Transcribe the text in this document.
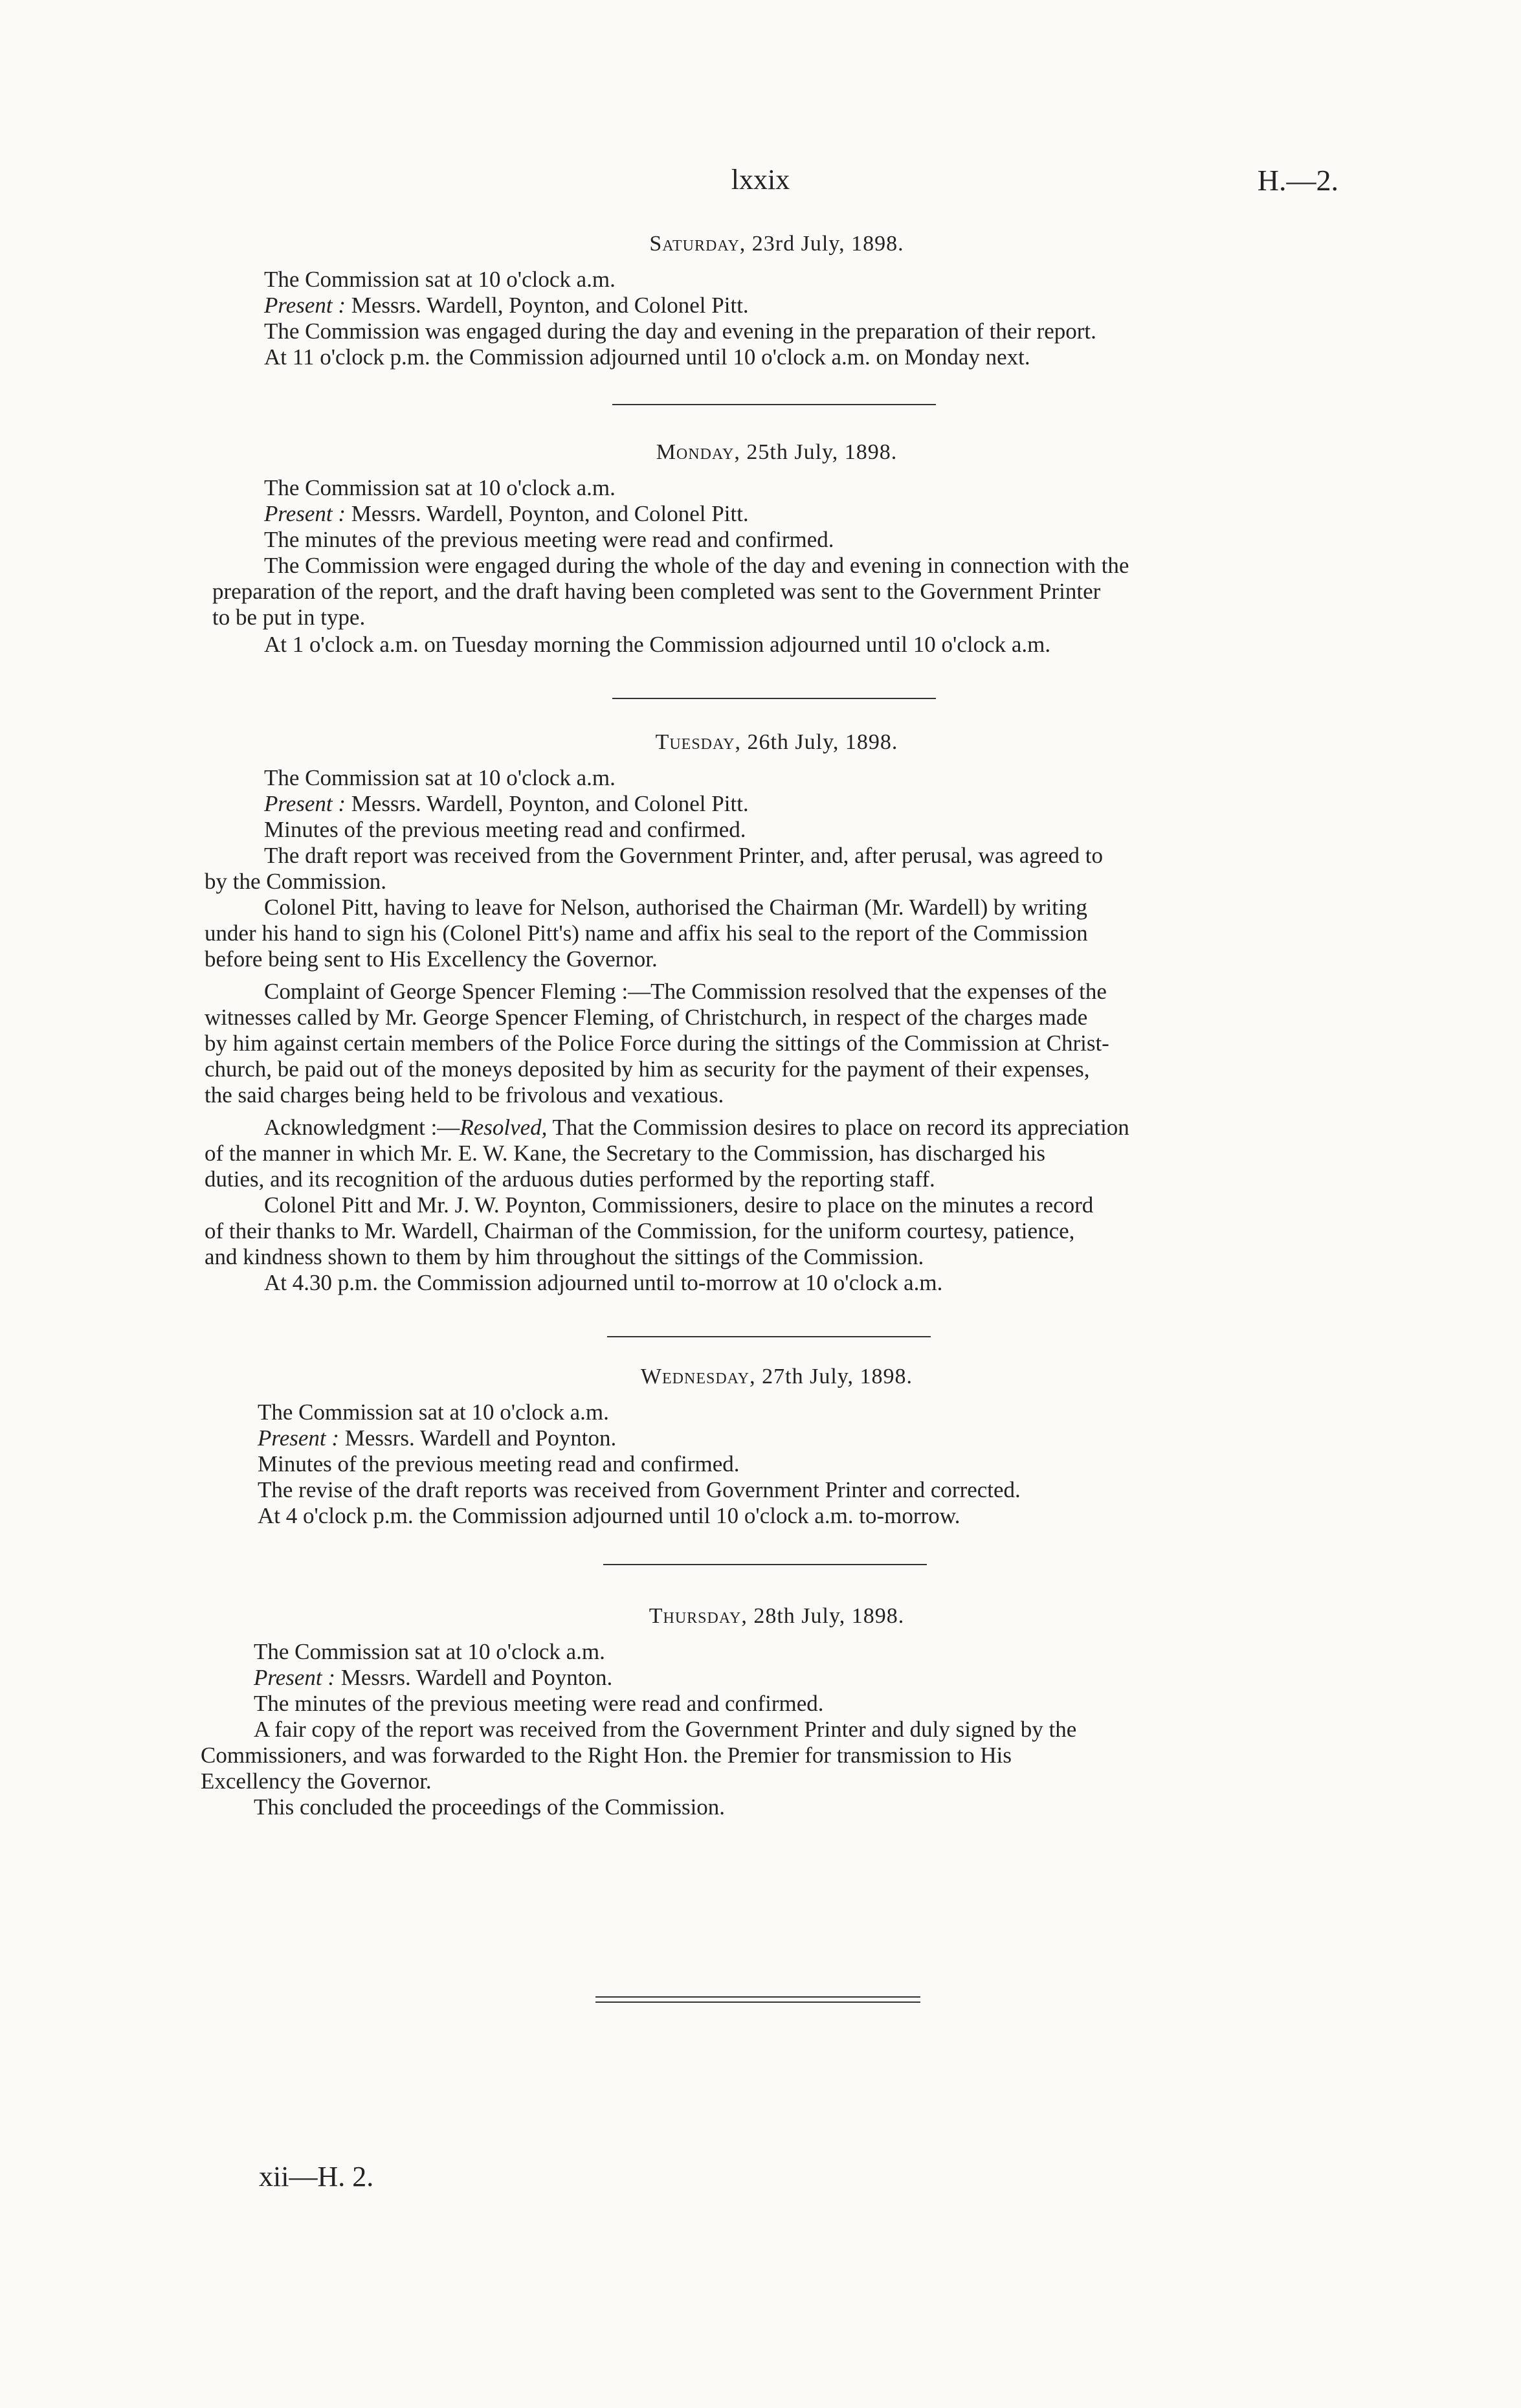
lxxix	H.—2.
Saturday, 23rd July, 1898.
The Commission sat at 10 o'clock a.m.
Present : Messrs. Wardell, Poynton, and Colonel Pitt.
The Commission was engaged during the day and evening in the preparation of their report.
At 11 o'clock p.m. the Commission adjourned until 10 o'clock a.m. on Monday next.
Monday, 25th July, 1898.
The Commission sat at 10 o'clock a.m.
Present : Messrs. Wardell, Poynton, and Colonel Pitt.
The minutes of the previous meeting were read and confirmed.
The Commission were engaged during the whole of the day and evening in connection with the
preparation of the report, and the draft having been completed was sent to the Government Printer
to be put in type.
At 1 o'clock a.m. on Tuesday morning the Commission adjourned until 10 o'clock a.m.
Tuesday, 26th July, 1898.
The Commission sat at 10 o'clock a.m.
Present : Messrs. Wardell, Poynton, and Colonel Pitt.
Minutes of the previous meeting read and confirmed.
The draft report was received from the Government Printer, and, after perusal, was agreed to
by the Commission.
Colonel Pitt, having to leave for Nelson, authorised the Chairman (Mr. Wardell) by writing
under his hand to sign his (Colonel Pitt's) name and affix his seal to the report of the Commission
before being sent to His Excellency the Governor.
Complaint of George Spencer Fleming :—The Commission resolved that the expenses of the
witnesses called by Mr. George Spencer Fleming, of Christchurch, in respect of the charges made
by him against certain members of the Police Force during the sittings of the Commission at Christ-
church, be paid out of the moneys deposited by him as security for the payment of their expenses,
the said charges being held to be frivolous and vexatious.
Acknowledgment :—Resolved, That the Commission desires to place on record its appreciation
of the manner in which Mr. E. W. Kane, the Secretary to the Commission, has discharged his
duties, and its recognition of the arduous duties performed by the reporting staff.
Colonel Pitt and Mr. J. W. Poynton, Commissioners, desire to place on the minutes a record
of their thanks to Mr. Wardell, Chairman of the Commission, for the uniform courtesy, patience,
and kindness shown to them by him throughout the sittings of the Commission.
At 4.30 p.m. the Commission adjourned until to-morrow at 10 o'clock a.m.
Wednesday, 27th July, 1898.
The Commission sat at 10 o'clock a.m.
Present : Messrs. Wardell and Poynton.
Minutes of the previous meeting read and confirmed.
The revise of the draft reports was received from Government Printer and corrected.
At 4 o'clock p.m. the Commission adjourned until 10 o'clock a.m. to-morrow.
Thursday, 28th July, 1898.
The Commission sat at 10 o'clock a.m.
Present : Messrs. Wardell and Poynton.
The minutes of the previous meeting were read and confirmed.
A fair copy of the report was received from the Government Printer and duly signed by the
Commissioners, and was forwarded to the Right Hon. the Premier for transmission to His
Excellency the Governor.
This concluded the proceedings of the Commission.
xii—H. 2.
